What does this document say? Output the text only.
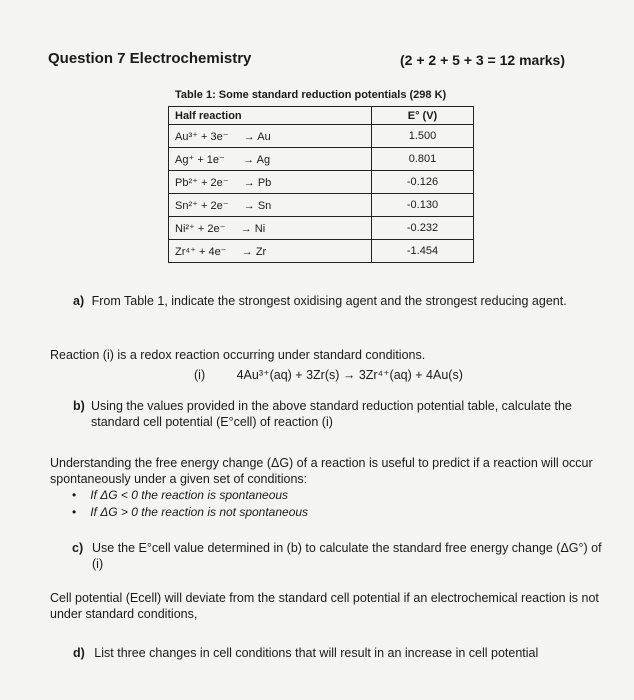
Question 7 Electrochemistry	(2 + 2 + 5 + 3 = 12 marks)
Table 1: Some standard reduction potentials (298 K)
Half reaction	E° (V)
Au³⁺ + 3e⁻     → Au	1.500
Ag⁺ + 1e⁻      → Ag	0.801
Pb²⁺ + 2e⁻     → Pb	-0.126
Sn²⁺ + 2e⁻     → Sn	-0.130
Ni²⁺ + 2e⁻     → Ni	-0.232
Zr⁴⁺ + 4e⁻     → Zr	-1.454
a) From Table 1, indicate the strongest oxidising agent and the strongest reducing agent.
Reaction (i) is a redox reaction occurring under standard conditions.
(i)	4Au³⁺(aq) + 3Zr(s) → 3Zr⁴⁺(aq) + 4Au(s)
b) Using the values provided in the above standard reduction potential table, calculate the standard cell potential (E°cell) of reaction (i)
Understanding the free energy change (ΔG) of a reaction is useful to predict if a reaction will occur spontaneously under a given set of conditions:
• If ΔG < 0 the reaction is spontaneous
• If ΔG > 0 the reaction is not spontaneous
c) Use the E°cell value determined in (b) to calculate the standard free energy change (ΔG°) of (i)
Cell potential (Ecell) will deviate from the standard cell potential if an electrochemical reaction is not under standard conditions,
d) List three changes in cell conditions that will result in an increase in cell potential
